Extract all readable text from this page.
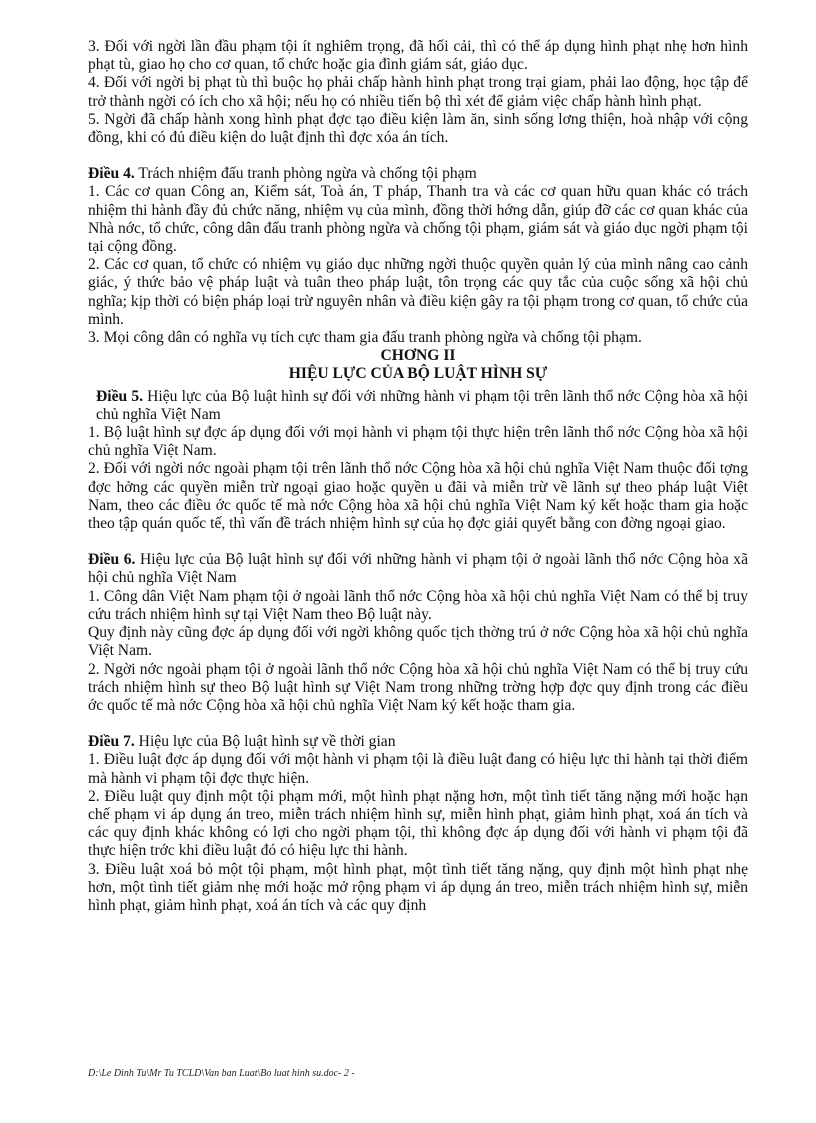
3. Đối với ngời lần đầu phạm tội ít nghiêm trọng, đã hối cải, thì có thể áp dụng hình phạt nhẹ hơn hình phạt tù, giao họ cho cơ quan, tổ chức hoặc gia đình giám sát, giáo dục.

4. Đối với ngời bị phạt tù thì buộc họ phải chấp hành hình phạt trong trại giam, phải lao động, học tập để trở thành ngời có ích cho xã hội; nếu họ có nhiều tiến bộ thì xét để giảm việc chấp hành hình phạt.

5. Ngời đã chấp hành xong hình phạt đợc tạo điều kiện làm ăn, sinh sống lơng thiện, hoà nhập với cộng đồng, khi có đủ điều kiện do luật định thì đợc xóa án tích.

Điều 4. Trách nhiệm đấu tranh phòng ngừa và chống tội phạm

1. Các cơ quan Công an, Kiểm sát, Toà án, T pháp, Thanh tra và các cơ quan hữu quan khác có trách nhiệm thi hành đầy đủ chức năng, nhiệm vụ của mình, đồng thời hớng dẫn, giúp đỡ các cơ quan khác của Nhà nớc, tổ chức, công dân đấu tranh phòng ngừa và chống tội phạm, giám sát và giáo dục ngời phạm tội tại cộng đồng.

2. Các cơ quan, tổ chức có nhiệm vụ giáo dục những ngời thuộc quyền quản lý của mình nâng cao cảnh giác, ý thức bảo vệ pháp luật và tuân theo pháp luật, tôn trọng các quy tắc của cuộc sống xã hội chủ nghĩa; kịp thời có biện pháp loại trừ nguyên nhân và điều kiện gây ra tội phạm trong cơ quan, tổ chức của mình.

3. Mọi công dân có nghĩa vụ tích cực tham gia đấu tranh phòng ngừa và chống tội phạm.

CHƠNG II

HIỆU LỰC CỦA BỘ LUẬT HÌNH SỰ

Điều 5. Hiệu lực của Bộ luật hình sự đối với những hành vi phạm tội trên lãnh thổ nớc Cộng hòa xã hội chủ nghĩa Việt Nam

1. Bộ luật hình sự đợc áp dụng đối với mọi hành vi phạm tội thực hiện trên lãnh thổ nớc Cộng hòa xã hội chủ nghĩa Việt Nam.

2. Đối với ngời nớc ngoài phạm tội trên lãnh thổ nớc Cộng hòa xã hội chủ nghĩa Việt Nam thuộc đối tợng đợc hởng các quyền miễn trừ ngoại giao hoặc quyền u đãi và miễn trừ về lãnh sự theo pháp luật Việt Nam, theo các điều ớc quốc tế mà nớc Cộng hòa xã hội chủ nghĩa Việt Nam ký kết hoặc tham gia hoặc theo tập quán quốc tế, thì vấn đề trách nhiệm hình sự của họ đợc giải quyết bằng con đờng ngoại giao.

Điều 6. Hiệu lực của Bộ luật hình sự đối với những hành vi phạm tội ở ngoài lãnh thổ nớc Cộng hòa xã hội chủ nghĩa Việt Nam

1. Công dân Việt Nam phạm tội ở ngoài lãnh thổ nớc Cộng hòa xã hội chủ nghĩa Việt Nam có thể bị truy cứu trách nhiệm hình sự tại Việt Nam theo Bộ luật này.

Quy định này cũng đợc áp dụng đối với ngời không quốc tịch thờng trú ở nớc Cộng hòa xã hội chủ nghĩa Việt Nam.

2. Ngời nớc ngoài phạm tội ở ngoài lãnh thổ nớc Cộng hòa xã hội chủ nghĩa Việt Nam có thể bị truy cứu trách nhiệm hình sự theo Bộ luật hình sự Việt Nam trong những trờng hợp đợc quy định trong các điều ớc quốc tế mà nớc Cộng hòa xã hội chủ nghĩa Việt Nam ký kết hoặc tham gia.

Điều 7. Hiệu lực của Bộ luật hình sự về thời gian

1. Điều luật đợc áp dụng đối với một hành vi phạm tội là điều luật đang có hiệu lực thi hành tại thời điểm mà hành vi phạm tội đợc thực hiện.

2. Điều luật quy định một tội phạm mới, một hình phạt nặng hơn, một tình tiết tăng nặng mới hoặc hạn chế phạm vi áp dụng án treo, miễn trách nhiệm hình sự, miễn hình phạt, giảm hình phạt, xoá án tích và các quy định khác không có lợi cho ngời phạm tội, thì không đợc áp dụng đối với hành vi phạm tội đã thực hiện trớc khi điều luật đó có hiệu lực thi hành.

3. Điều luật xoá bỏ một tội phạm, một hình phạt, một tình tiết tăng nặng, quy định một hình phạt nhẹ hơn, một tình tiết giảm nhẹ mới hoặc mở rộng phạm vi áp dụng án treo, miễn trách nhiệm hình sự, miễn hình phạt, giảm hình phạt, xoá án tích và các quy định

D:\Le Dinh Tu\Mr Tu TCLD\Van ban Luat\Bo luat hinh su.doc- 2 -
